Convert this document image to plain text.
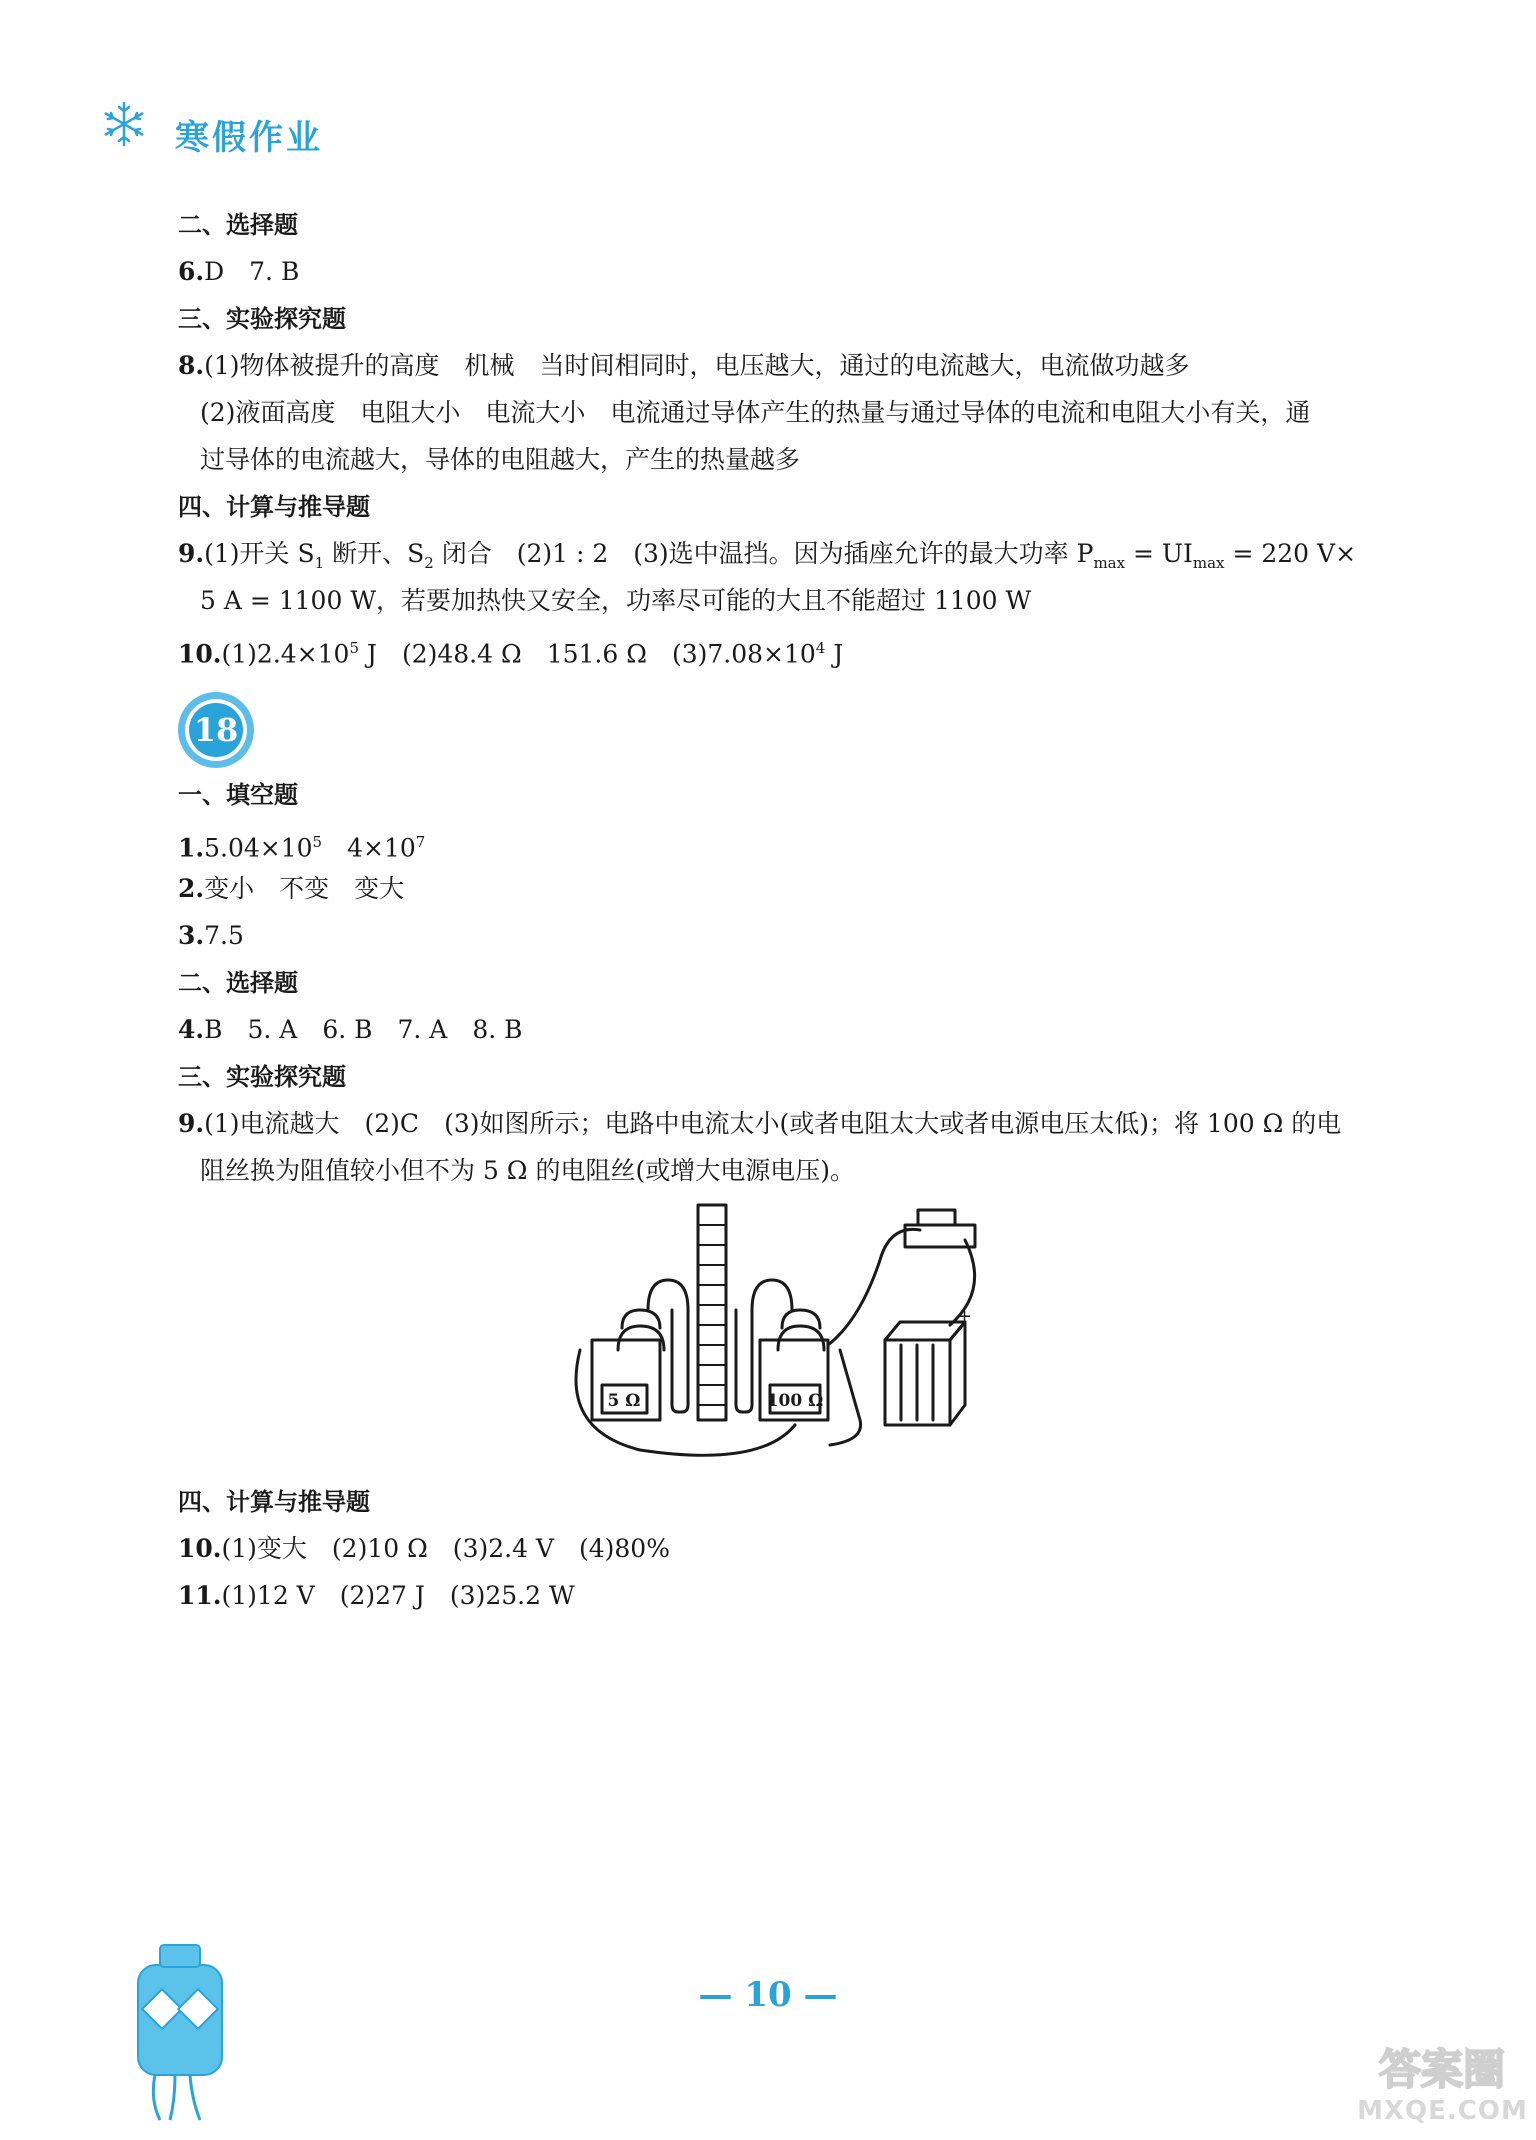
寒假作业
二、选择题
6.D　7. B
三、实验探究题
8.(1)物体被提升的高度　机械　当时间相同时，电压越大，通过的电流越大，电流做功越多
(2)液面高度　电阻大小　电流大小　电流通过导体产生的热量与通过导体的电流和电阻大小有关，通
过导体的电流越大，导体的电阻越大，产生的热量越多
四、计算与推导题
9.(1)开关 $S_1$ 断开、$S_2$ 闭合　(2)1 : 2　(3)选中温挡。因为插座允许的最大功率 $P_{max} = UI_{max} = 220$ V×
5 A = 1100 W，若要加热快又安全，功率尽可能的大且不能超过 1100 W
$10.(1)2.4\times 10^5$ J　(2)48.4 Ω　151.6 Ω　$(3)7.08\times 10^4$ J
18
一、填空题
$1.5.04\times 10^5$　$4\times 10^7$
2.变小　不变　变大
3.7.5
二、选择题
4.B　5. A　6. B　7. A　8. B
三、实验探究题
9.(1)电流越大　(2)C　(3)如图所示；电路中电流太小(或者电阻太大或者电源电压太低)；将 100 Ω 的电
阻丝换为阻值较小但不为 5 Ω 的电阻丝(或增大电源电压)。
+
5 Ω	100 Ω
四、计算与推导题
10.(1)变大　(2)10 Ω　(3)2.4 V　(4)80%
11.(1)12 V　(2)27 J　(3)25.2 W
— 10 —
答案圈
MXQE.COM
